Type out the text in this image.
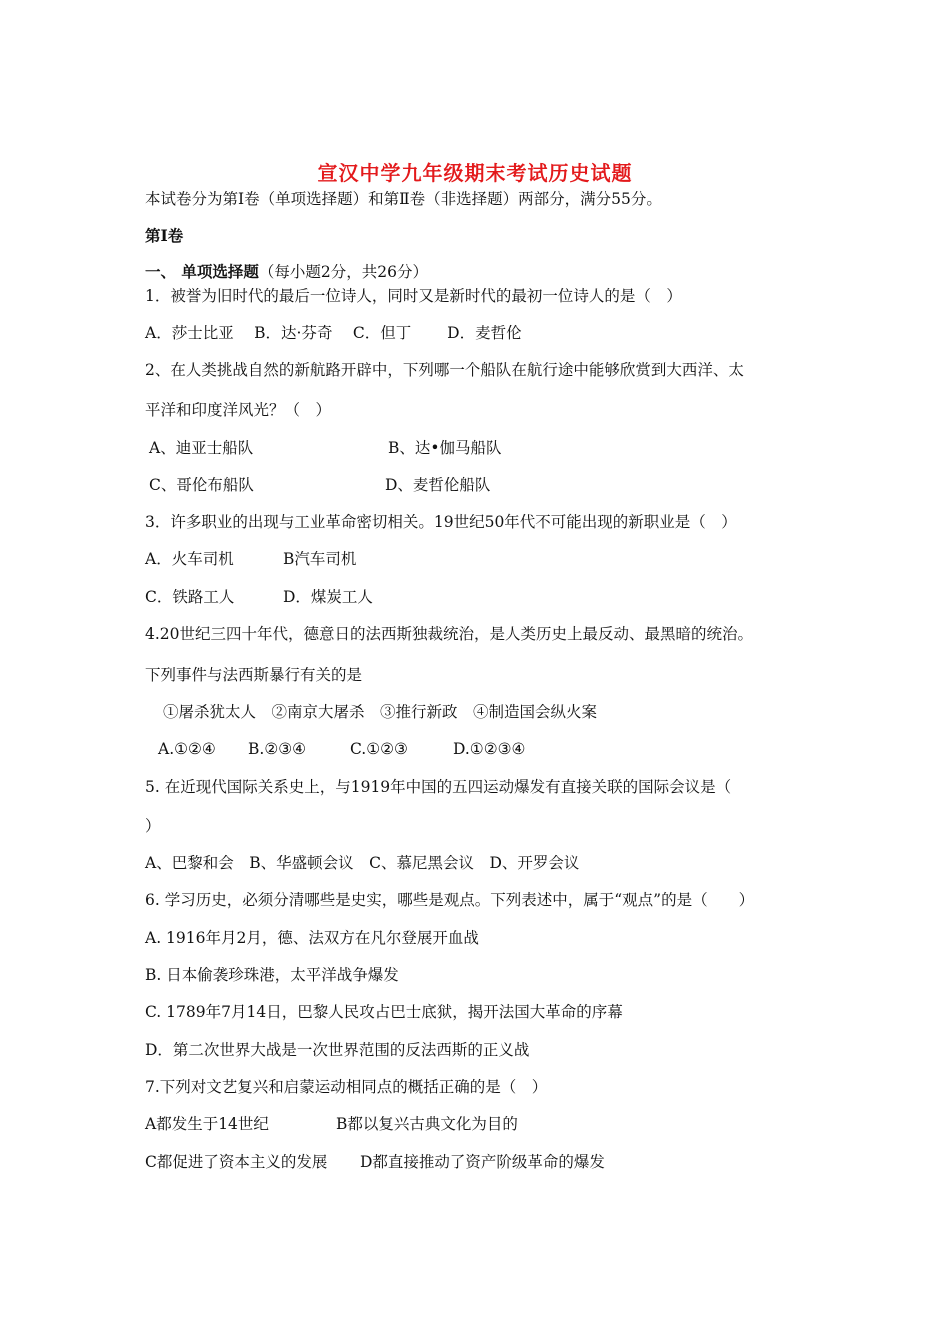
宣汉中学九年级期末考试历史试题
本试卷分为第Ⅰ卷（单项选择题）和第Ⅱ卷（非选择题）两部分，满分55分。
第Ⅰ卷
一、 单项选择题（每小题2分，共26分）
1．被誉为旧时代的最后一位诗人，同时又是新时代的最初一位诗人的是（　）
A．莎士比亚　 B．达·芬奇　 C．但丁　　 D．麦哲伦
2、在人类挑战自然的新航路开辟中，下列哪一个船队在航行途中能够欣赏到大西洋、太
平洋和印度洋风光？（　）
A、迪亚士船队	B、达•伽马船队
C、哥伦布船队	D、麦哲伦船队
3．许多职业的出现与工业革命密切相关。19世纪50年代不可能出现的新职业是（　）
A．火车司机	B汽车司机
C．铁路工人	D．煤炭工人
4.20世纪三四十年代，德意日的法西斯独裁统治，是人类历史上最反动、最黑暗的统治。
下列事件与法西斯暴行有关的是
①屠杀犹太人　②南京大屠杀　③推行新政　④制造国会纵火案
A.①②④ B.②③④	C.①②③	D.①②③④
5. 在近现代国际关系史上，与1919年中国的五四运动爆发有直接关联的国际会议是（
）
A、巴黎和会　B、华盛顿会议　C、慕尼黑会议　D、开罗会议
6. 学习历史，必须分清哪些是史实，哪些是观点。下列表述中，属于“观点”的是（　　）
A. 1916年月2月，德、法双方在凡尔登展开血战
B. 日本偷袭珍珠港，太平洋战争爆发
C. 1789年7月14日，巴黎人民攻占巴士底狱，揭开法国大革命的序幕
D．第二次世界大战是一次世界范围的反法西斯的正义战
7.下列对文艺复兴和启蒙运动相同点的概括正确的是（　）
A都发生于14世纪	B都以复兴古典文化为目的
C都促进了资本主义的发展 D都直接推动了资产阶级革命的爆发
